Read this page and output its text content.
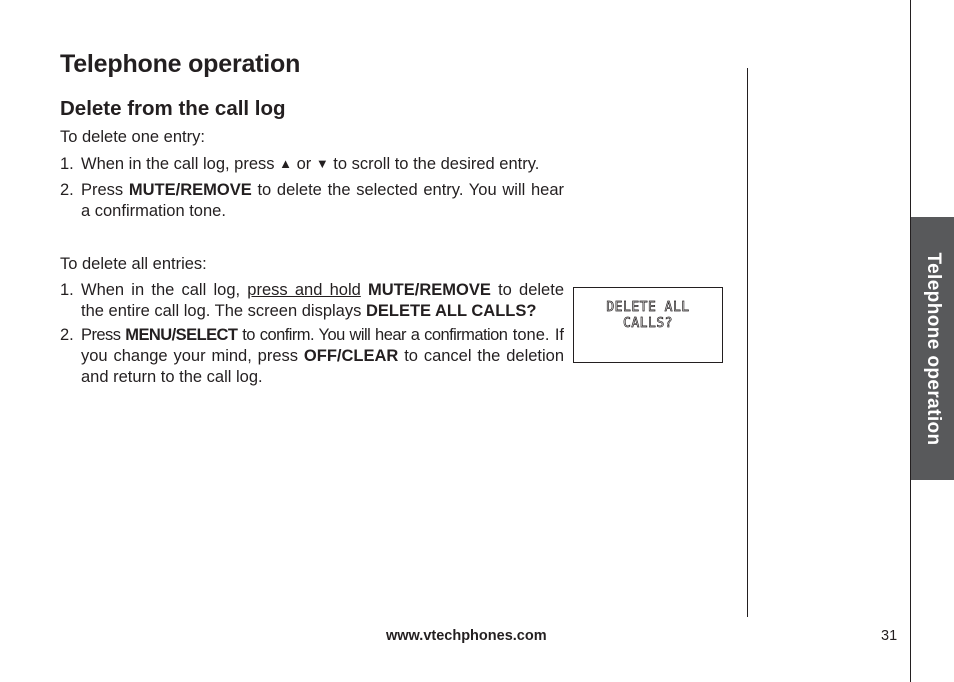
Telephone operation
Delete from the call log
To delete one entry:
1. When in the call log, press ▲ or ▼ to scroll to the desired entry.
2. Press MUTE/REMOVE to delete the selected entry. You will hear a confirmation tone.
To delete all entries:
1. When in the call log, press and hold MUTE/REMOVE to delete the entire call log. The screen displays DELETE ALL CALLS?
2. Press MENU/SELECT to confirm. You will hear a confirmation tone. If you change your mind, press OFF/CLEAR to cancel the deletion and return to the call log.
DELETE ALL
CALLS?	Telephone operation
www.vtechphones.com	31
